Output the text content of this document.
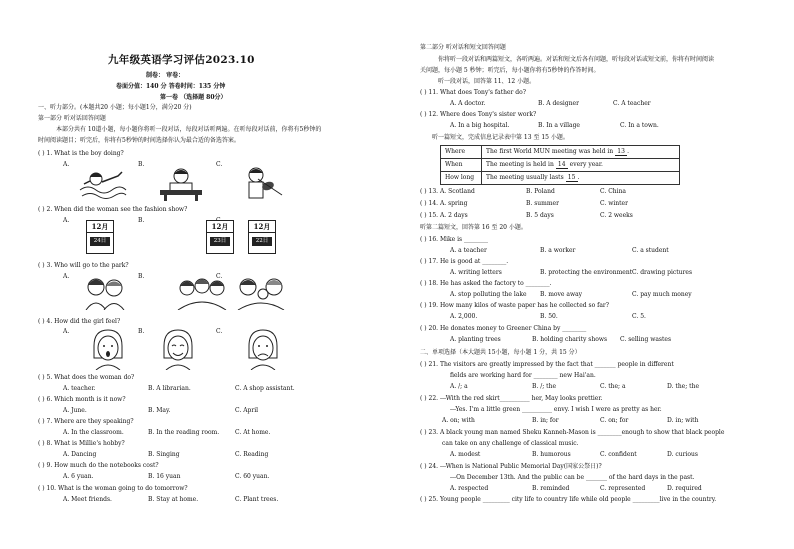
九年级英语学习评估2023.10
制卷： 审卷：
卷面分值：140 分 答卷时间：135 分钟
第一卷 （选择题 80分）
一、听力部分。(本题共20 小题；每小题1分，满分20 分)
第一部分 听对话回答问题
本部分共有 10道小题，每小题你将听一段对话，每段对话听两遍。在听每段对话前，你将有5秒钟的
时间阅读题目；听完后，你将有5秒钟的时间选择你认为最合适的备选答案。
( ) 1. What is the boy doing?
A.	B.	C.
( ) 2. When did the woman see the fashion show?
A.	B.
12月
24日
12月
23日
12月
22日
( ) 3. Who will go to the park?
A.	B.	C.
( ) 4. How did the girl feel?
A.	B.	C.
( ) 5. What does the woman do?
A. teacher.	B. A librarian.	C. A shop assistant.
( ) 6. Which month is it now?
A. June.	B. May.	C. April
( ) 7. Where are they speaking?
A. In the classroom.	B. In the reading room.	C. At home.
( ) 8. What is Millie's hobby?
A. Dancing	B. Singing	C. Reading
( ) 9. How much do the notebooks cost?
A. 6 yuan.	B. 16 yuan	C. 60 yuan.
( ) 10. What is the woman going to do tomorrow?
A. Meet friends.	B. Stay at home.	C. Plant trees.
第二部分 听对话和短文回答问题
你将听一段对话和两篇短文，各听两遍。对话和短文后各有问题，听每段对话或短文前，你将有时间阅读
关问题，每小题 5 秒钟；听完后，每小题你将有5秒钟的作答时间。
听一段对话，回答第 11、12 小题。
( ) 11. What does Tony's father do?
A. A doctor.	B. A designer	C. A teacher
( ) 12. Where does Tony's sister work?
A. In a big hospital.	B. In a village	C. In a town.
听一篇短文，完成信息记录表中第 13 至 15 小题。
Where	The first World MUN meeting was held in 13 .
When	The meeting is held in 14 every year.
How long	The meeting usually lasts 15 .
( ) 13. A. Scotland	B. Poland	C. China
( ) 14. A. spring	B. summer	C. winter
( ) 15. A. 2 days	B. 5 days	C. 2 weeks
听第二篇短文，回答第 16 至 20 小题。
( ) 16. Mike is ________
A. a teacher	B. a worker	C. a student
( ) 17. He is good at ________.
A. writing letters	B. protecting the environment C. drawing pictures
( ) 18. He has asked the factory to ________.
A. stop polluting the lake B. move away	C. pay much money
( ) 19. How many kilos of waste paper has he collected so far?
A. 2,000.	B. 50.	C. 5.
( ) 20. He donates money to Greener China by ________
A. planting trees	B. holding charity shows C. selling wastes
二、单项选择（本大题共 15小题，每小题 1 分，共 15 分）
( ) 21. The visitors are greatly impressed by the fact that _______ people in different
fields are working hard for ________ new Hai'an.
A. /; a	B. /; the	C. the; a	D. the; the
( ) 22. ---With the red skirt__________ her, May looks prettier.
---Yes. I'm a little green __________ envy. I wish I were as pretty as her.
A. on; with	B. in; for	C. on; for	D. in; with
( ) 23. A black young man named Sheku Kanneh-Mason is ________enough to show that black people
can take on any challenge of classical music.
A. modest	B. humorous	C. confident	D. curious
( ) 24. ---When is National Public Memorial Day(国家公祭日)?
---On December 13th. And the public can be _______ of the hard days in the past.
A. respected	B. reminded	C. represented	D. required
( ) 25. Young people _________ city life to country life while old people _________live in the country.
